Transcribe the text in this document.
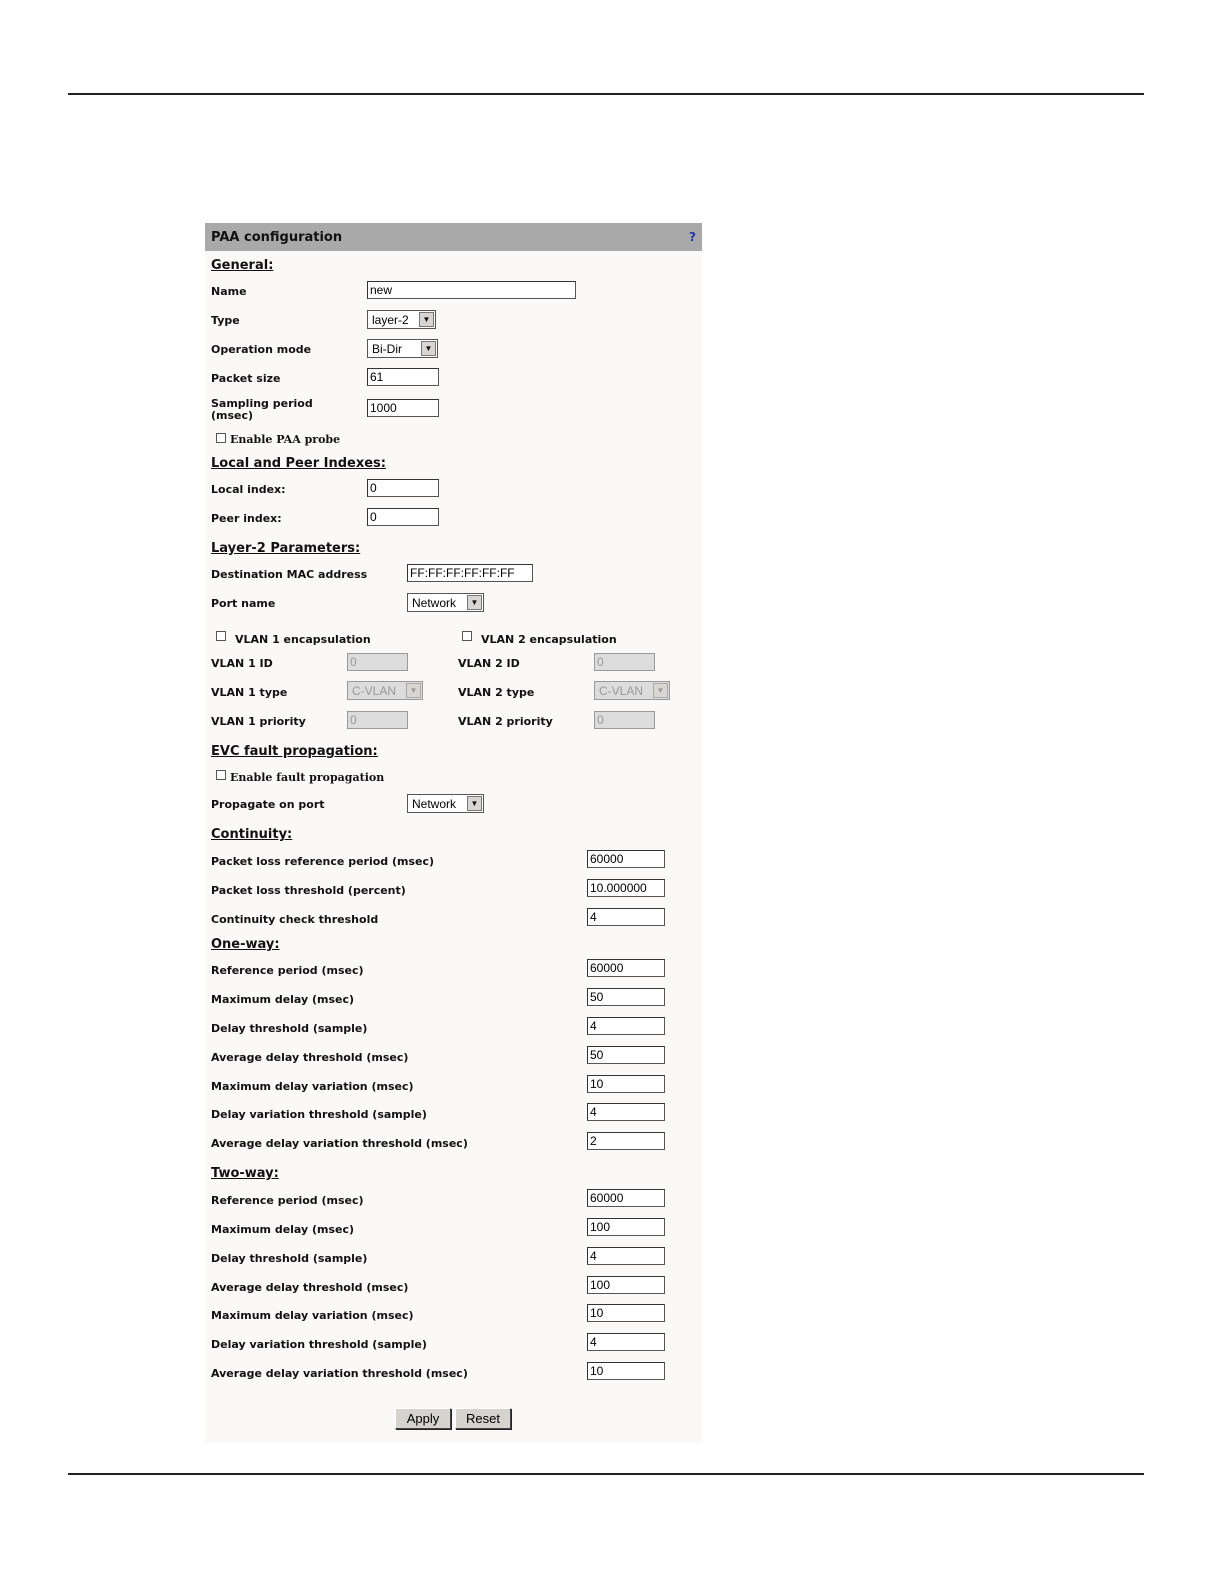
PAA configuration	?
General:
Name	new
Type	layer-2	▼
Operation mode	Bi-Dir	▼
Packet size	61
Sampling period
(msec)
1000
Enable PAA probe
Local and Peer Indexes:
Local index:	0
Peer index:	0
Layer-2 Parameters:
Destination MAC address	FF:FF:FF:FF:FF:FF
Port name	Network	▼
VLAN 1 encapsulation	VLAN 2 encapsulation
VLAN 1 ID	0	VLAN 2 ID	0
VLAN 1 type	C-VLAN	▼	VLAN 2 type	C-VLAN	▼
VLAN 1 priority	0	VLAN 2 priority	0
EVC fault propagation:
Enable fault propagation
Propagate on port	Network	▼
Continuity:
Packet loss reference period (msec)	60000
Packet loss threshold (percent)	10.000000
Continuity check threshold	4
One-way:
Reference period (msec)	60000
Maximum delay (msec)	50
Delay threshold (sample)	4
Average delay threshold (msec)	50
Maximum delay variation (msec)	10
Delay variation threshold (sample)	4
Average delay variation threshold (msec)	2
Two-way:
Reference period (msec)	60000
Maximum delay (msec)	100
Delay threshold (sample)	4
Average delay threshold (msec)	100
Maximum delay variation (msec)	10
Delay variation threshold (sample)	4
Average delay variation threshold (msec)	10
Apply	Reset
